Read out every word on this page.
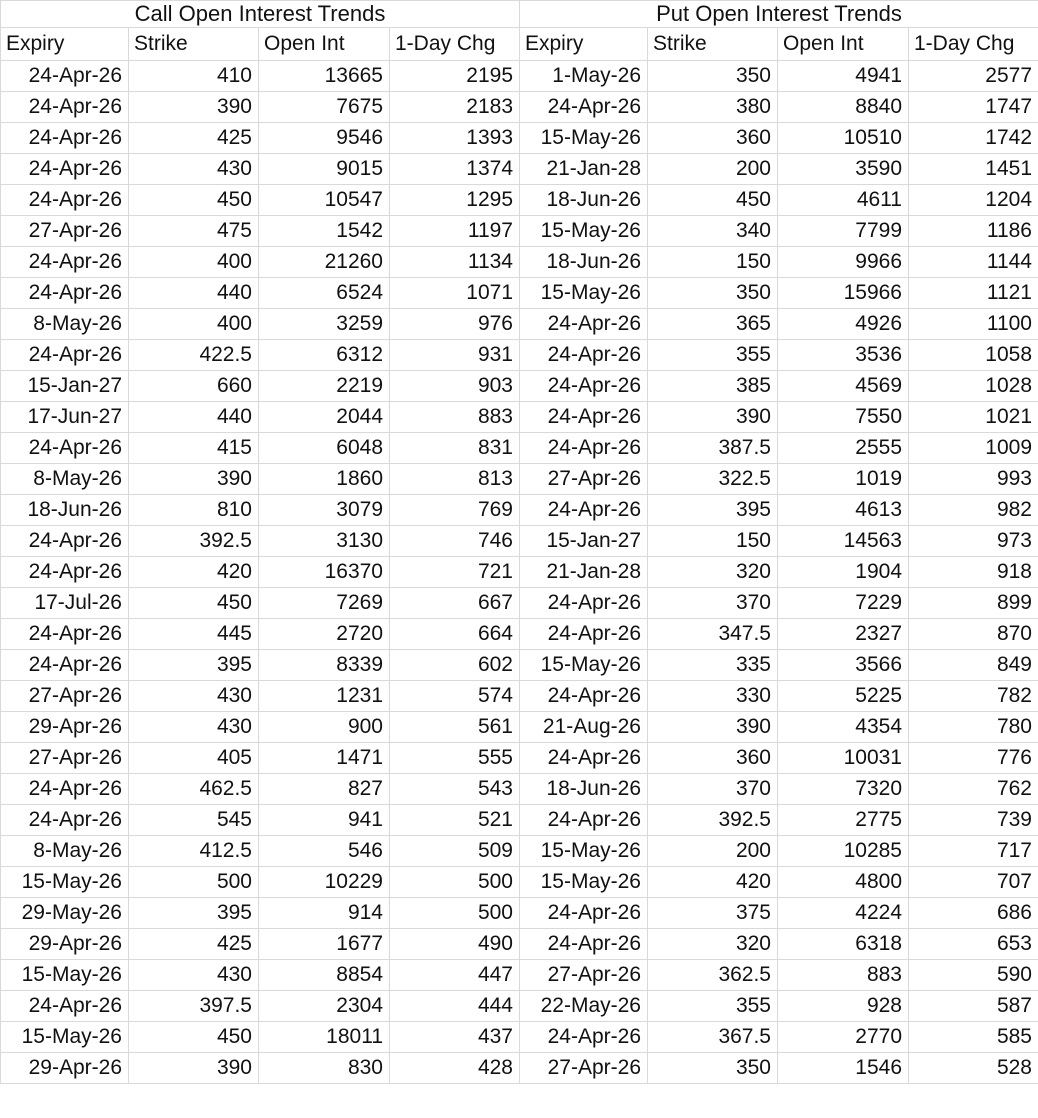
Call Open Interest Trends				Put Open Interest Trends			
Expiry	Strike	Open Int	1-Day Chg	Expiry	Strike	Open Int	1-Day Chg
24-Apr-26	410	13665	2195	1-May-26	350	4941	2577
24-Apr-26	390	7675	2183	24-Apr-26	380	8840	1747
24-Apr-26	425	9546	1393	15-May-26	360	10510	1742
24-Apr-26	430	9015	1374	21-Jan-28	200	3590	1451
24-Apr-26	450	10547	1295	18-Jun-26	450	4611	1204
27-Apr-26	475	1542	1197	15-May-26	340	7799	1186
24-Apr-26	400	21260	1134	18-Jun-26	150	9966	1144
24-Apr-26	440	6524	1071	15-May-26	350	15966	1121
8-May-26	400	3259	976	24-Apr-26	365	4926	1100
24-Apr-26	422.5	6312	931	24-Apr-26	355	3536	1058
15-Jan-27	660	2219	903	24-Apr-26	385	4569	1028
17-Jun-27	440	2044	883	24-Apr-26	390	7550	1021
24-Apr-26	415	6048	831	24-Apr-26	387.5	2555	1009
8-May-26	390	1860	813	27-Apr-26	322.5	1019	993
18-Jun-26	810	3079	769	24-Apr-26	395	4613	982
24-Apr-26	392.5	3130	746	15-Jan-27	150	14563	973
24-Apr-26	420	16370	721	21-Jan-28	320	1904	918
17-Jul-26	450	7269	667	24-Apr-26	370	7229	899
24-Apr-26	445	2720	664	24-Apr-26	347.5	2327	870
24-Apr-26	395	8339	602	15-May-26	335	3566	849
27-Apr-26	430	1231	574	24-Apr-26	330	5225	782
29-Apr-26	430	900	561	21-Aug-26	390	4354	780
27-Apr-26	405	1471	555	24-Apr-26	360	10031	776
24-Apr-26	462.5	827	543	18-Jun-26	370	7320	762
24-Apr-26	545	941	521	24-Apr-26	392.5	2775	739
8-May-26	412.5	546	509	15-May-26	200	10285	717
15-May-26	500	10229	500	15-May-26	420	4800	707
29-May-26	395	914	500	24-Apr-26	375	4224	686
29-Apr-26	425	1677	490	24-Apr-26	320	6318	653
15-May-26	430	8854	447	27-Apr-26	362.5	883	590
24-Apr-26	397.5	2304	444	22-May-26	355	928	587
15-May-26	450	18011	437	24-Apr-26	367.5	2770	585
29-Apr-26	390	830	428	27-Apr-26	350	1546	528
